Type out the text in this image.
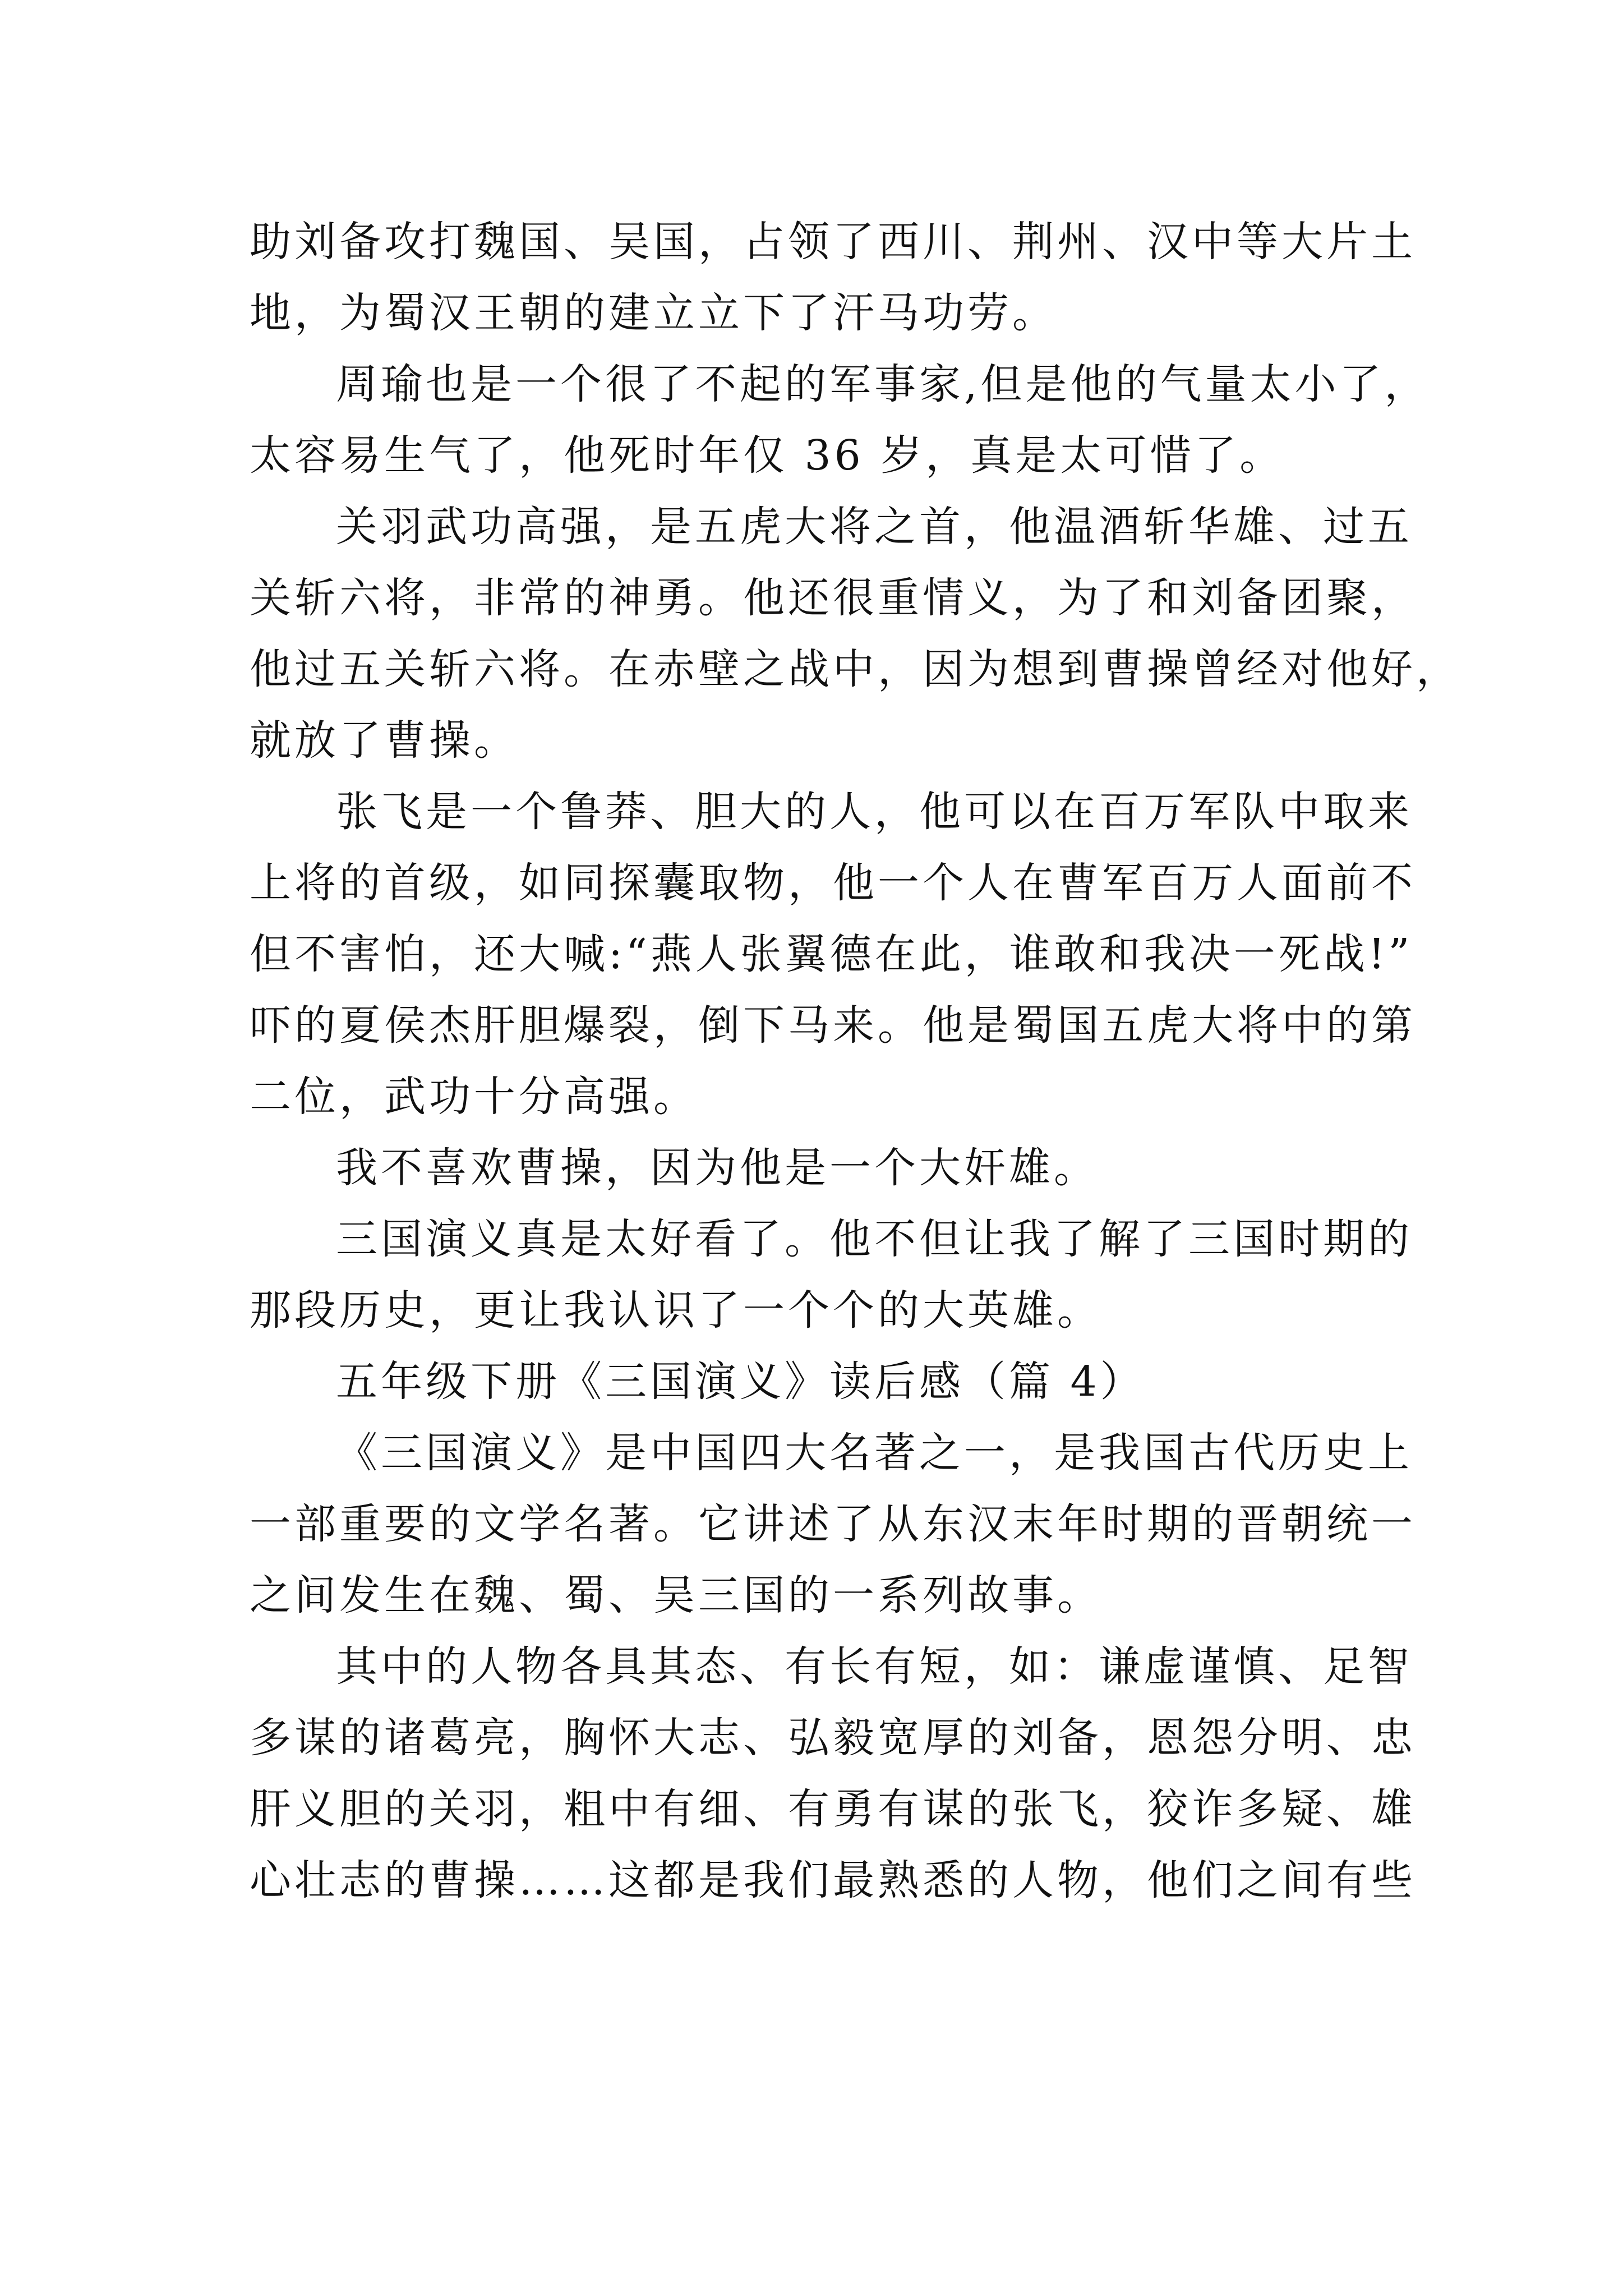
助刘备攻打魏国、吴国，占领了西川、荆州、汉中等大片土
地，为蜀汉王朝的建立立下了汗马功劳。
周瑜也是一个很了不起的军事家,但是他的气量太小了，
太容易生气了，他死时年仅 36 岁，真是太可惜了。
关羽武功高强，是五虎大将之首，他温酒斩华雄、过五
关斩六将，非常的神勇。他还很重情义，为了和刘备团聚，
他过五关斩六将。在赤壁之战中，因为想到曹操曾经对他好，
就放了曹操。
张飞是一个鲁莽、胆大的人，他可以在百万军队中取来
上将的首级，如同探囊取物，他一个人在曹军百万人面前不
但不害怕，还大喊:“燕人张翼德在此，谁敢和我决一死战!”
吓的夏侯杰肝胆爆裂，倒下马来。他是蜀国五虎大将中的第
二位，武功十分高强。
我不喜欢曹操，因为他是一个大奸雄。
三国演义真是太好看了。他不但让我了解了三国时期的
那段历史，更让我认识了一个个的大英雄。
五年级下册《三国演义》读后感（篇 4）
《三国演义》是中国四大名著之一，是我国古代历史上
一部重要的文学名著。它讲述了从东汉末年时期的晋朝统一
之间发生在魏、蜀、吴三国的一系列故事。
其中的人物各具其态、有长有短，如：谦虚谨慎、足智
多谋的诸葛亮，胸怀大志、弘毅宽厚的刘备，恩怨分明、忠
肝义胆的关羽，粗中有细、有勇有谋的张飞，狡诈多疑、雄
心壮志的曹操……这都是我们最熟悉的人物，他们之间有些
